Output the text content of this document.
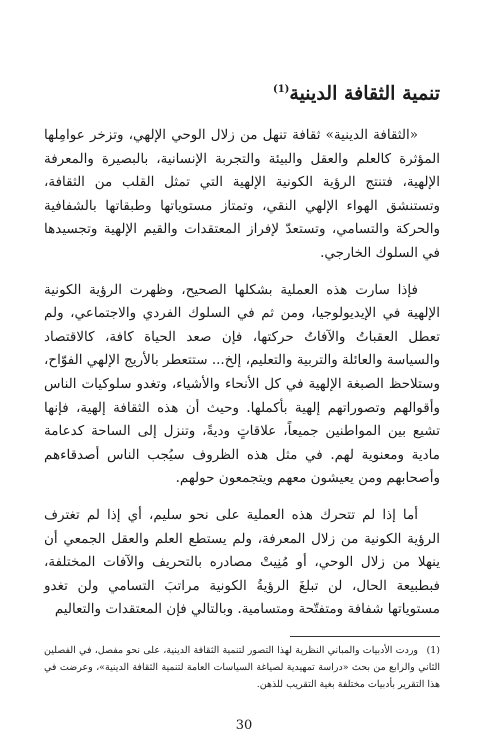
تنمية الثقافة الدينية$^{(1)}$

«الثقافة الدينية» ثقافة تنهل من زلال الوحي الإلهي، وتزخر عوامِلها المؤثرة كالعلم والعقل والبيئة والتجربة الإنسانية، بالبصيرة والمعرفة الإلهية، فتنتج الرؤية الكونية الإلهية التي تمثل القلب من الثقافة، وتستنشق الهواء الإلهي النقي، وتمتاز مستوياتها وطبقاتها بالشفافية والحركة والتسامي، وتستعدّ لإفراز المعتقدات والقيم الإلهية وتجسيدها في السلوك الخارجي.

فإذا سارت هذه العملية بشكلها الصحيح، وظهرت الرؤية الكونية الإلهية في الإيديولوجيا، ومن ثم في السلوك الفردي والاجتماعي، ولم تعطل العقباتُ والآفاتُ حركتها، فإن صعد الحياة كافة، كالاقتصاد والسياسة والعائلة والتربية والتعليم، إلخ... ستتعطر بالأريج الإلهي الفوّاح، وستلاحظ الصبغة الإلهية في كل الأنحاء والأشياء، وتغدو سلوكيات الناس وأقوالهم وتصوراتهم إلهية بأكملها. وحيث أن هذه الثقافة إلهية، فإنها تشيع بين المواطنين جميعاً، علاقاتٍ وديةً، وتنزل إلى الساحة كدعامة مادية ومعنوية لهم. في مثل هذه الظروف سيُجب الناس أصدقاءهم وأصحابهم ومن يعيشون معهم ويتجمعون حولهم.

أما إذا لم تتحرك هذه العملية على نحو سليم، أي إذا لم تغترف الرؤية الكونية من زلال المعرفة، ولم يستطع العلم والعقل الجمعي أن ينهلا من زلال الوحي، أو مُنِيتْ مصادره بالتحريف والآفات المختلفة، فبطبيعة الحال، لن تبلغَ الرؤيةُ الكونية مراتبَ التسامي ولن تغدو مستوياتها شفافة ومتفتّحة ومتسامية. وبالتالي فإن المعتقدات والتعاليم

(1)وردت الأدبيات والمباني النظرية لهذا التصور لتنمية الثقافة الدينية، على نحو مفصل، في الفصلين الثاني والرابع من بحث «دراسة تمهيدية لصياغة السياسات العامة لتنمية الثقافة الدينية»، وعرضت في هذا التقرير بأدبيات مختلفة بغية التقريب للذهن.
30
